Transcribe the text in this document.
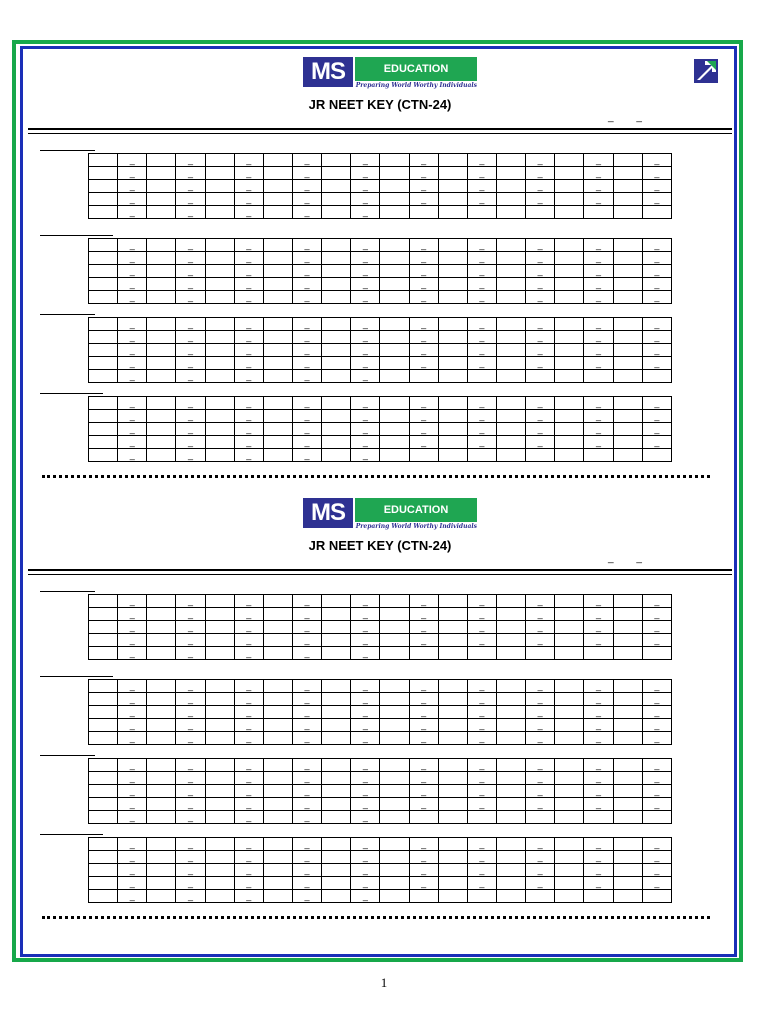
MS	EDUCATION ACADEMY
Preparing World Worthy Individuals
JR NEET KEY (CTN-24)
_ _
	_		_		_		_		_		_		_		_		_		_
	_		_		_		_		_		_		_		_		_		_
	_		_		_		_		_		_		_		_		_		_
	_		_		_		_		_		_		_		_		_		_
	_		_		_		_		_										
	_		_		_		_		_		_		_		_		_		_
	_		_		_		_		_		_		_		_		_		_
	_		_		_		_		_		_		_		_		_		_
	_		_		_		_		_		_		_		_		_		_
	_		_		_		_		_		_		_		_		_		_
	_		_		_		_		_		_		_		_		_		_
	_		_		_		_		_		_		_		_		_		_
	_		_		_		_		_		_		_		_		_		_
	_		_		_		_		_		_		_		_		_		_
	_		_		_		_		_										
	_		_		_		_		_		_		_		_		_		_
	_		_		_		_		_		_		_		_		_		_
	_		_		_		_		_		_		_		_		_		_
	_		_		_		_		_		_		_		_		_		_
	_		_		_		_		_										
MS	EDUCATION ACADEMY
Preparing World Worthy Individuals
JR NEET KEY (CTN-24)
_ _
	_		_		_		_		_		_		_		_		_		_
	_		_		_		_		_		_		_		_		_		_
	_		_		_		_		_		_		_		_		_		_
	_		_		_		_		_		_		_		_		_		_
	_		_		_		_		_										
	_		_		_		_		_		_		_		_		_		_
	_		_		_		_		_		_		_		_		_		_
	_		_		_		_		_		_		_		_		_		_
	_		_		_		_		_		_		_		_		_		_
	_		_		_		_		_		_		_		_		_		_
	_		_		_		_		_		_		_		_		_		_
	_		_		_		_		_		_		_		_		_		_
	_		_		_		_		_		_		_		_		_		_
	_		_		_		_		_		_		_		_		_		_
	_		_		_		_		_										
	_		_		_		_		_		_		_		_		_		_
	_		_		_		_		_		_		_		_		_		_
	_		_		_		_		_		_		_		_		_		_
	_		_		_		_		_		_		_		_		_		_
	_		_		_		_		_										
1
